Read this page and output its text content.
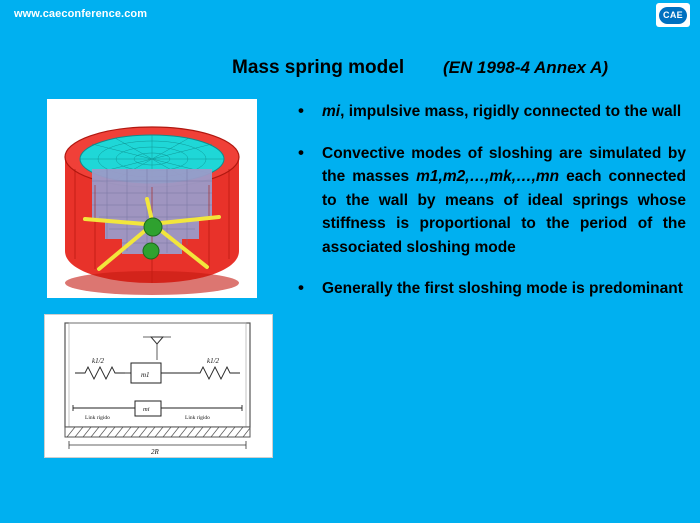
www.caeconference.com	CAE
Mass spring model (EN 1998-4 Annex A)
k1/2	k1/2
m1
mi
Link rigido	Link rigido
2R
• mi, impulsive mass, rigidly connected to the wall
• Convective modes of sloshing are simulated by the masses m1,m2,…,mk,…,mn each connected to the wall by means of ideal springs whose stiffness is proportional to the period of the associated sloshing mode
• Generally the first sloshing mode is predominant
